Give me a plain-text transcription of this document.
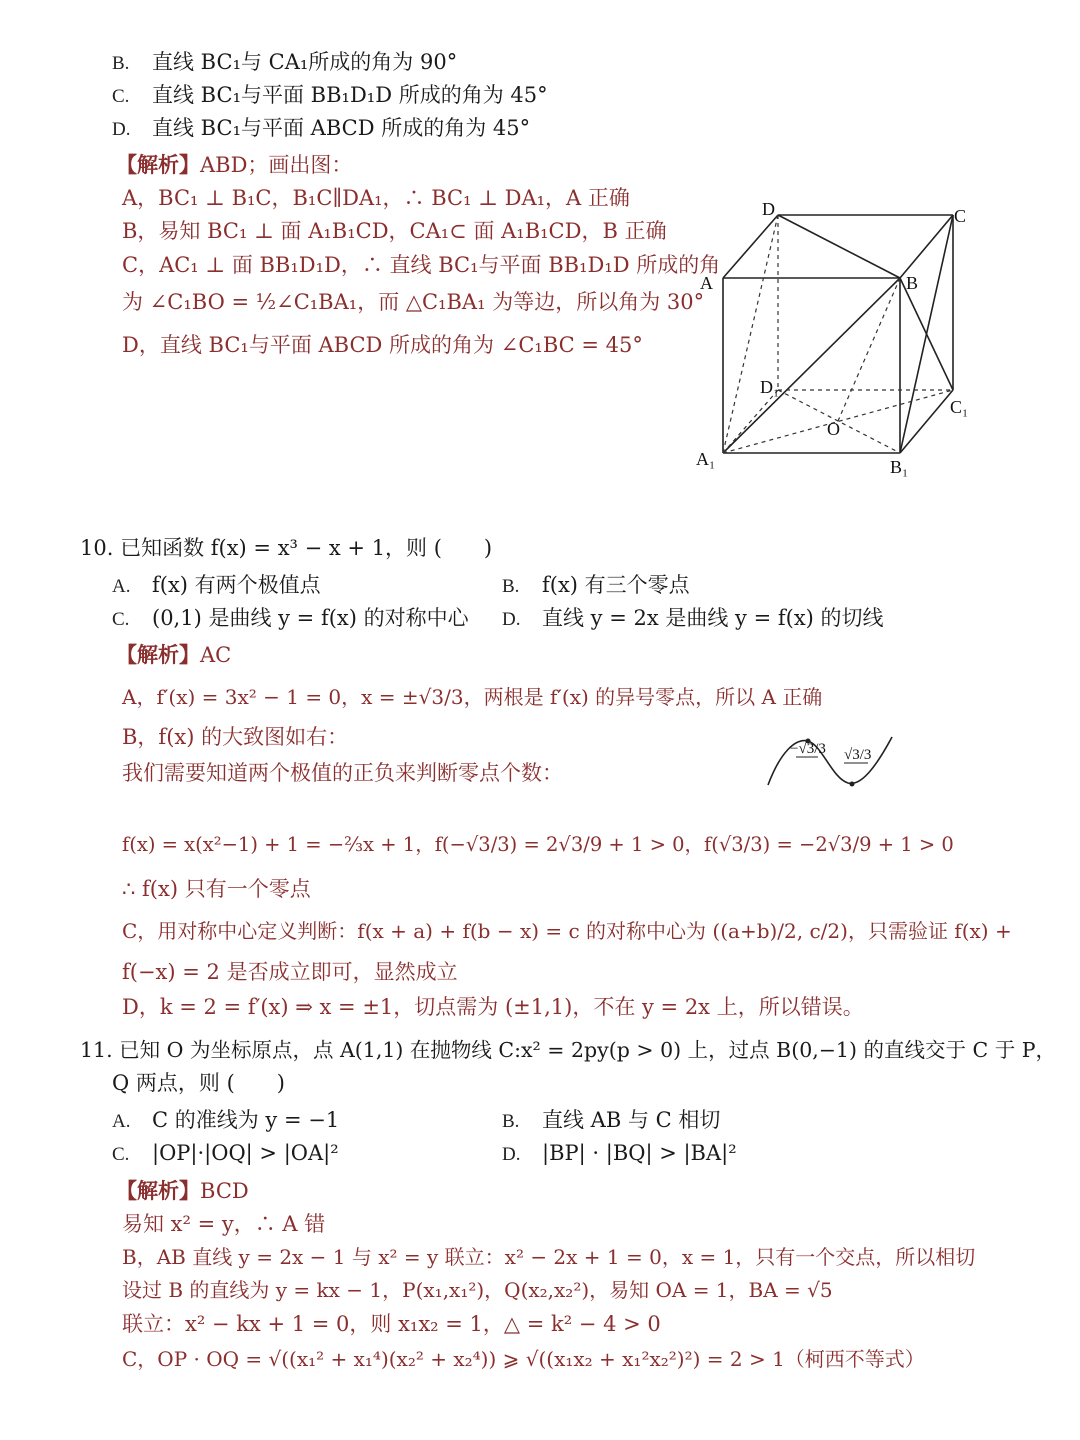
B. 直线 BC₁与 CA₁所成的角为 90°
C. 直线 BC₁与平面 BB₁D₁D 所成的角为 45°
D. 直线 BC₁与平面 ABCD 所成的角为 45°
【解析】ABD；画出图：
A，BC₁ ⊥ B₁C，B₁C∥DA₁，∴ BC₁ ⊥ DA₁，A 正确
B，易知 BC₁ ⊥ 面 A₁B₁CD，CA₁⊂ 面 A₁B₁CD，B 正确
C，AC₁ ⊥ 面 BB₁D₁D，∴ 直线 BC₁与平面 BB₁D₁D 所成的角
为 ∠C₁BO = ½∠C₁BA₁，而 △C₁BA₁ 为等边，所以角为 30°
D，直线 BC₁与平面 ABCD 所成的角为 ∠C₁BC = 45°
D	C
A	B
D₁
C₁
O
A₁	B₁
10. 已知函数 f(x) = x³ − x + 1，则 (　　)
A. f(x) 有两个极值点	B. f(x) 有三个零点
C. (0,1) 是曲线 y = f(x) 的对称中心 D. 直线 y = 2x 是曲线 y = f(x) 的切线
【解析】AC
A，f′(x) = 3x² − 1 = 0，x = ±√3/3，两根是 f′(x) 的异号零点，所以 A 正确
B，f(x) 的大致图如右：
我们需要知道两个极值的正负来判断零点个数：
−√3/3 √3/3
f(x) = x(x²−1) + 1 = −⅔x + 1，f(−√3/3) = 2√3/9 + 1 > 0，f(√3/3) = −2√3/9 + 1 > 0
∴ f(x) 只有一个零点
C，用对称中心定义判断：f(x + a) + f(b − x) = c 的对称中心为 ((a+b)/2, c/2)，只需验证 f(x) +
f(−x) = 2 是否成立即可，显然成立
D，k = 2 = f′(x) ⇒ x = ±1，切点需为 (±1,1)，不在 y = 2x 上，所以错误。
11. 已知 O 为坐标原点，点 A(1,1) 在抛物线 C:x² = 2py(p > 0) 上，过点 B(0,−1) 的直线交于 C 于 P，
Q 两点，则 (　　)
A. C 的准线为 y = −1	B. 直线 AB 与 C 相切
C. |OP|·|OQ| > |OA|²	D. |BP| · |BQ| > |BA|²
【解析】BCD
易知 x² = y，∴ A 错
B，AB 直线 y = 2x − 1 与 x² = y 联立：x² − 2x + 1 = 0，x = 1，只有一个交点，所以相切
设过 B 的直线为 y = kx − 1，P(x₁,x₁²)，Q(x₂,x₂²)，易知 OA = 1，BA = √5
联立：x² − kx + 1 = 0，则 x₁x₂ = 1，△ = k² − 4 > 0
C，OP · OQ = √((x₁² + x₁⁴)(x₂² + x₂⁴)) ⩾ √((x₁x₂ + x₁²x₂²)²) = 2 > 1（柯西不等式）
